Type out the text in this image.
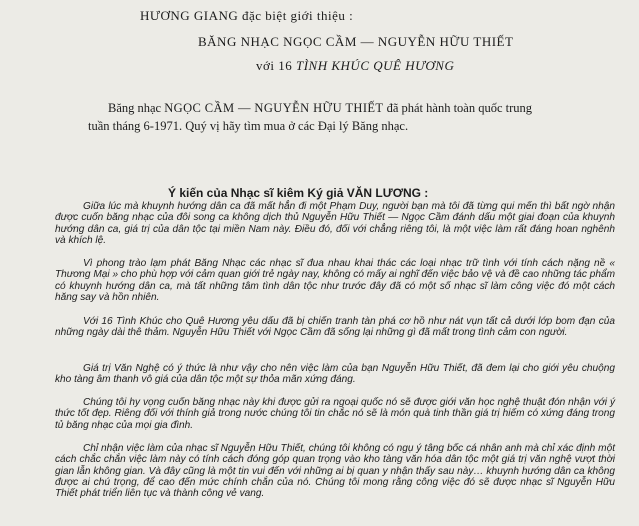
HƯƠNG GIANG đặc biệt giới thiệu :
BĂNG NHẠC NGỌC CẦM — NGUYỄN HỮU THIẾT
với 16 TÌNH KHÚC QUÊ HƯƠNG
Băng nhạc NGỌC CẦM — NGUYỄN HỮU THIẾT đã phát hành toàn quốc trung
tuần tháng 6-1971. Quý vị hãy tìm mua ở các Đại lý Băng nhạc.
Ý kiến của Nhạc sĩ kiêm Ký giả VĂN LƯƠNG :

Giữa lúc mà khuynh hướng dân ca đã mất hẳn đi một Phạm Duy, người bạn mà tôi đã từng qui mến thì bất ngờ nhận được cuốn băng nhạc của đôi song ca không dịch thủ Nguyễn Hữu Thiết — Ngọc Cầm đánh dấu một giai đoạn của khuynh hướng dân ca, giá trị của dân tộc tại miền Nam này. Điều đó, đối với chẳng riêng tôi, là một việc làm rất đáng hoan nghênh và khích lệ.

Vì phong trào lạm phát Băng Nhạc các nhạc sĩ đua nhau khai thác các loại nhạc trữ tình với tính cách nặng nề « Thương Mại » cho phù hợp với cảm quan giới trẻ ngày nay, không có mấy ai nghĩ đến việc bảo vệ và đề cao những tác phẩm có khuynh hướng dân ca, mà tất những tâm tình dân tộc như trước đây đã có một số nhạc sĩ làm công việc đó một cách hăng say và hồn nhiên.

Với 16 Tình Khúc cho Quê Hương yêu dấu đã bị chiến tranh tàn phá cơ hồ như nát vụn tất cả dưới lớp bom đạn của những ngày dài thê thảm. Nguyễn Hữu Thiết với Ngọc Cầm đã sống lại những gì đã mất trong tình cảm con người.

Giá trị Văn Nghệ có ý thức là như vậy cho nên việc làm của bạn Nguyễn Hữu Thiết, đã đem lại cho giới yêu chuộng kho tàng âm thanh vô giá của dân tộc một sự thỏa mãn xứng đáng.

Chúng tôi hy vọng cuốn băng nhạc này khi được gửi ra ngoại quốc nó sẽ được giới văn học nghệ thuật đón nhận với ý thức tốt đẹp. Riêng đối với thính giả trong nước chúng tôi tin chắc nó sẽ là món quà tinh thần giá trị hiếm có xứng đáng trong tủ băng nhạc của mọi gia đình.

Chỉ nhận việc làm của nhạc sĩ Nguyễn Hữu Thiết, chúng tôi không có ngụ ý tâng bốc cá nhân anh mà chỉ xác định một cách chắc chắn việc làm này có tính cách đóng góp quan trọng vào kho tàng văn hóa dân tộc một giá trị văn nghệ vượt thời gian lẫn không gian. Và đây cũng là một tin vui đến với những ai bị quan y nhận thấy sau này… khuynh hướng dân ca không được ai chú trọng, để cao đến mức chính chắn của nó. Chúng tôi mong rằng công việc đó sẽ được nhạc sĩ Nguyễn Hữu Thiết phát triển liên tục và thành công vẻ vang.
